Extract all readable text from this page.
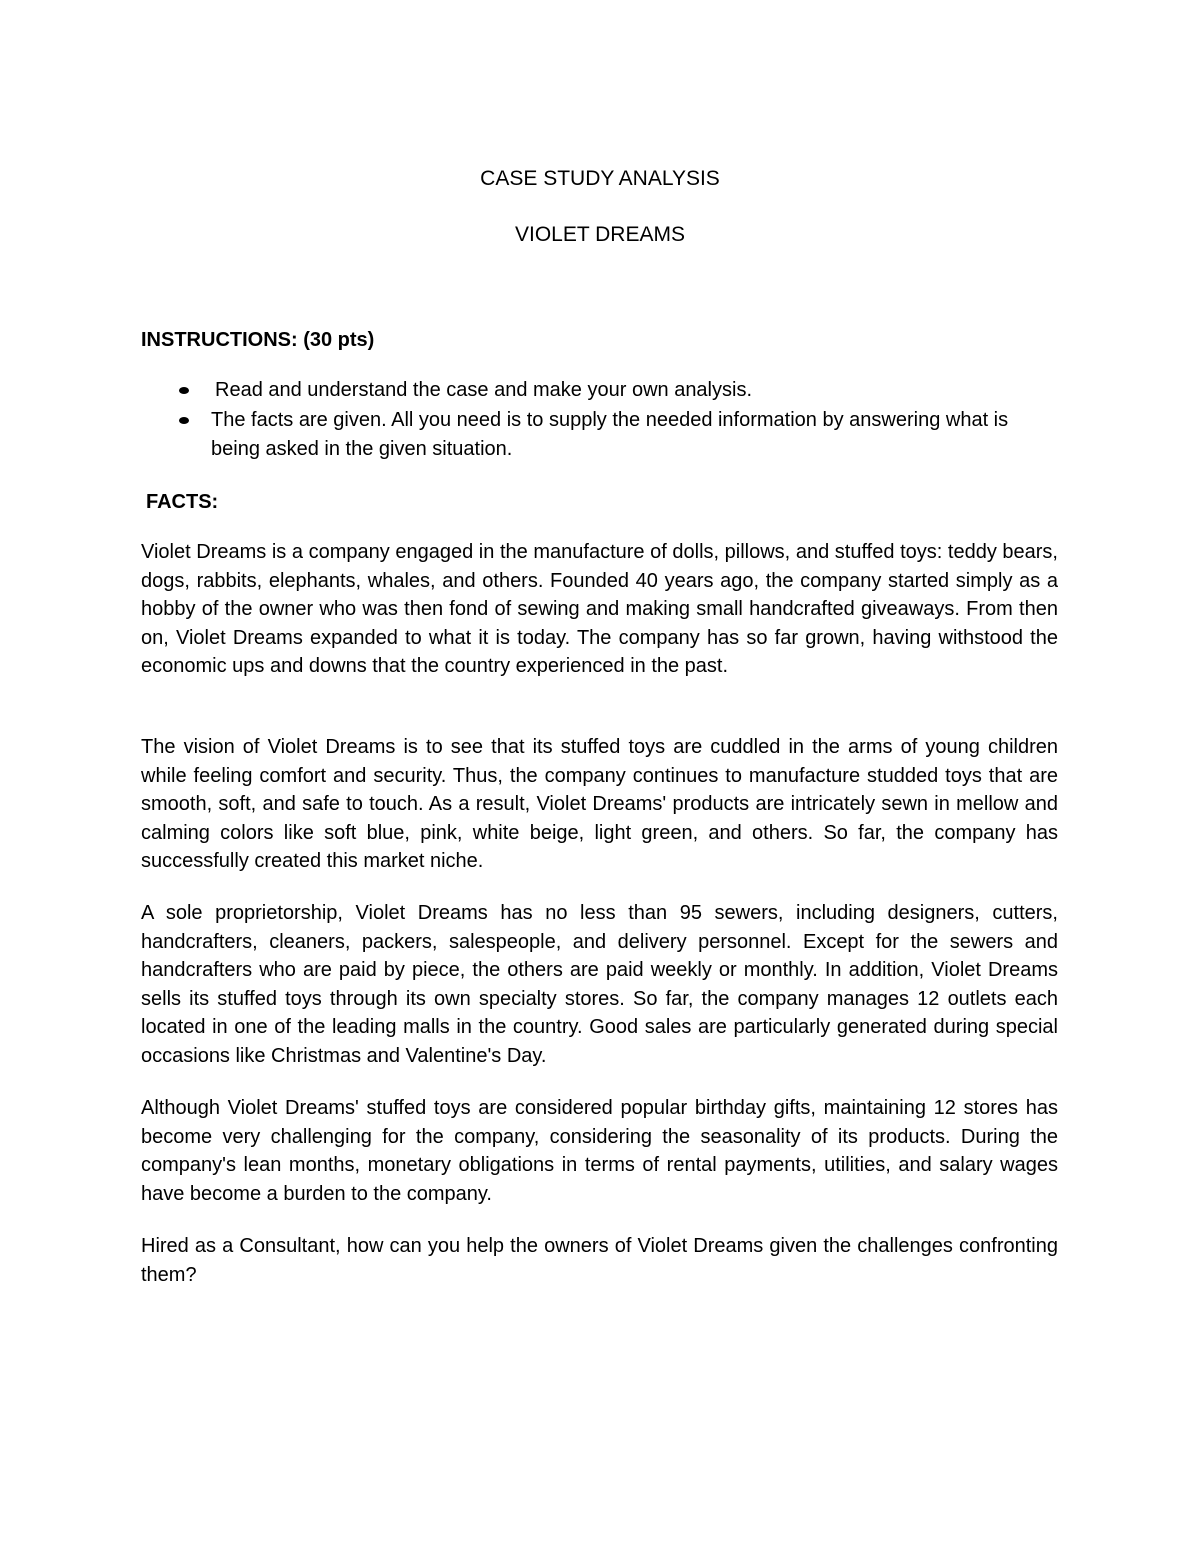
CASE STUDY ANALYSIS
VIOLET DREAMS
INSTRUCTIONS: (30 pts)
Read and understand the case and make your own analysis.
The facts are given. All you need is to supply the needed information by answering what is being asked in the given situation.
FACTS:

Violet Dreams is a company engaged in the manufacture of dolls, pillows, and stuffed toys: teddy bears, dogs, rabbits, elephants, whales, and others. Founded 40 years ago, the company started simply as a hobby of the owner who was then fond of sewing and making small handcrafted giveaways. From then on, Violet Dreams expanded to what it is today. The company has so far grown, having withstood the economic ups and downs that the country experienced in the past.

The vision of Violet Dreams is to see that its stuffed toys are cuddled in the arms of young children while feeling comfort and security. Thus, the company continues to manufacture studded toys that are smooth, soft, and safe to touch. As a result, Violet Dreams' products are intricately sewn in mellow and calming colors like soft blue, pink, white beige, light green, and others. So far, the company has successfully created this market niche.

A sole proprietorship, Violet Dreams has no less than 95 sewers, including designers, cutters, handcrafters, cleaners, packers, salespeople, and delivery personnel. Except for the sewers and handcrafters who are paid by piece, the others are paid weekly or monthly. In addition, Violet Dreams sells its stuffed toys through its own specialty stores. So far, the company manages 12 outlets each located in one of the leading malls in the country. Good sales are particularly generated during special occasions like Christmas and Valentine's Day.

Although Violet Dreams' stuffed toys are considered popular birthday gifts, maintaining 12 stores has become very challenging for the company, considering the seasonality of its products. During the company's lean months, monetary obligations in terms of rental payments, utilities, and salary wages have become a burden to the company.

Hired as a Consultant, how can you help the owners of Violet Dreams given the challenges confronting them?
